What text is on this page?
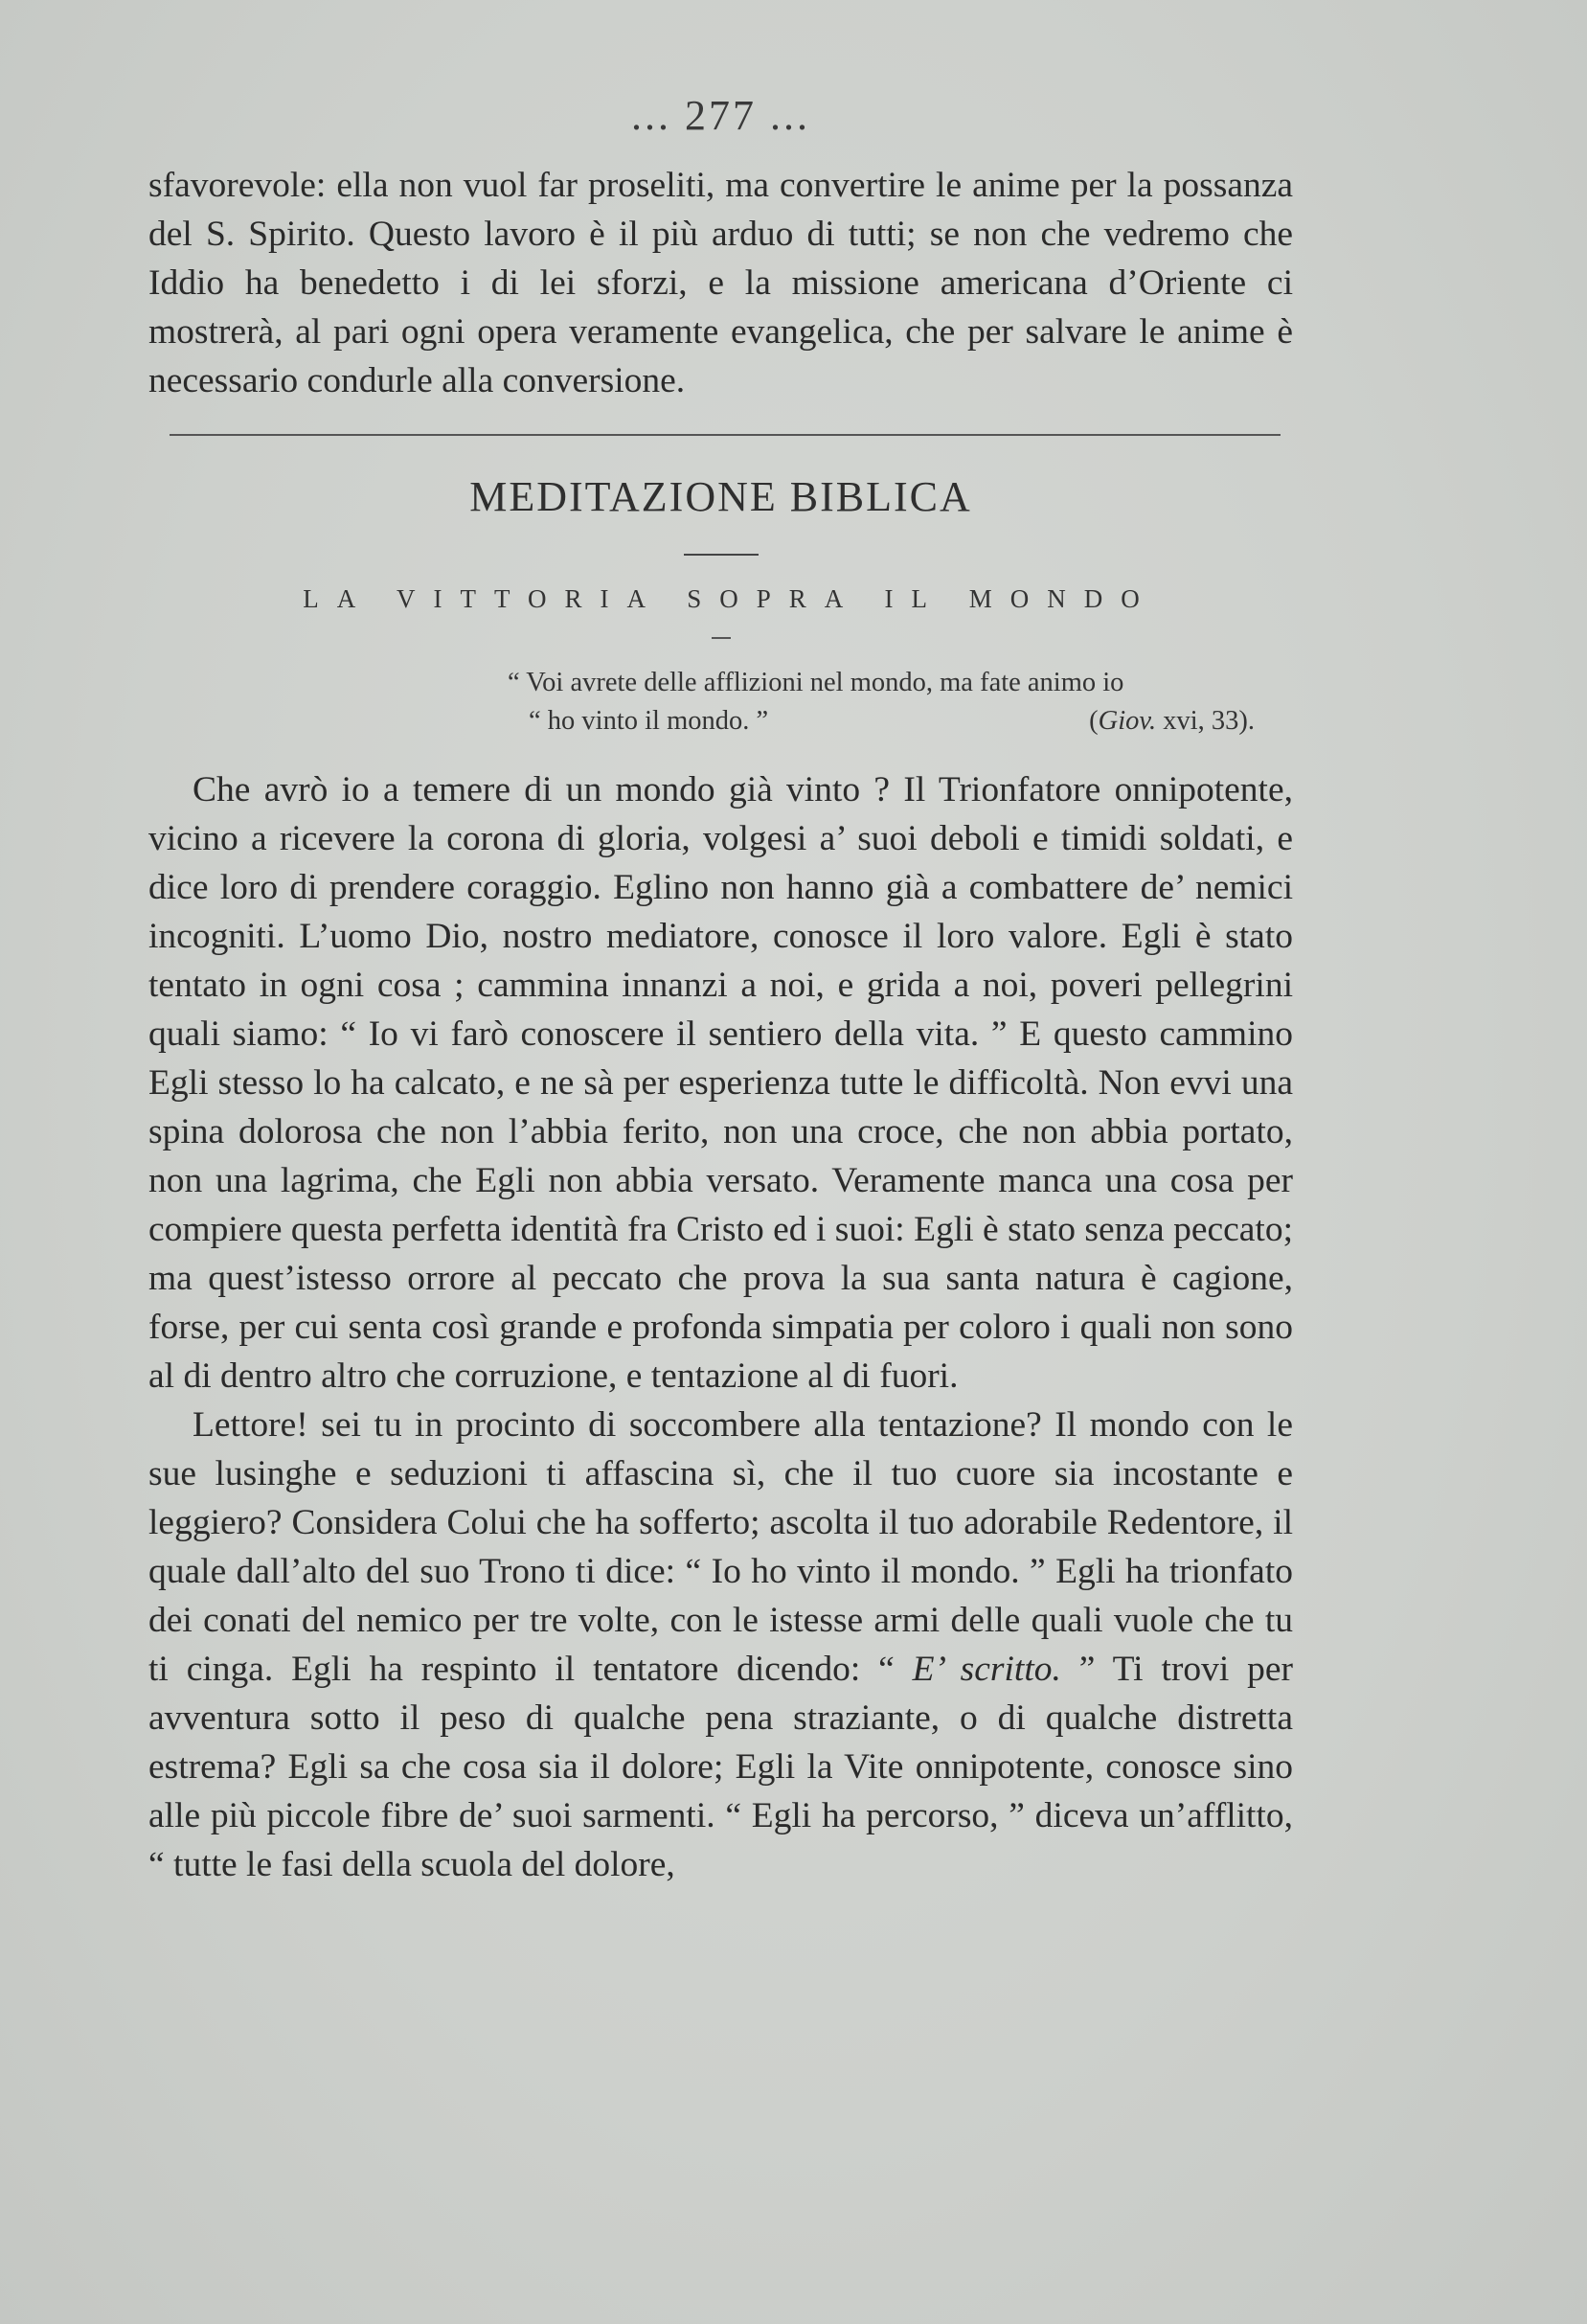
... 277 ...

sfavorevole: ella non vuol far proseliti, ma convertire le anime per la possanza del S. Spirito. Questo lavoro è il più arduo di tutti; se non che vedremo che Iddio ha benedetto i di lei sforzi, e la missione americana d’Oriente ci mostrerà, al pari ogni opera veramente evangelica, che per salvare le anime è necessario condurle alla conversione.

MEDITAZIONE BIBLICA
LA VITTORIA SOPRA IL MONDO
“ Voi avrete delle afflizioni nel mondo, ma fate animo io
“ ho vinto il mondo. ”	(Giov. xvi, 33).

Che avrò io a temere di un mondo già vinto ? Il Trionfatore onnipotente, vicino a ricevere la corona di gloria, volgesi a’ suoi deboli e timidi soldati, e dice loro di prendere coraggio. Eglino non hanno già a combattere de’ nemici incogniti. L’uomo Dio, nostro mediatore, conosce il loro valore. Egli è stato tentato in ogni cosa ; cammina innanzi a noi, e grida a noi, poveri pellegrini quali siamo: “ Io vi farò conoscere il sentiero della vita. ” E questo cammino Egli stesso lo ha calcato, e ne sà per esperienza tutte le difficoltà. Non evvi una spina dolorosa che non l’abbia ferito, non una croce, che non abbia portato, non una lagrima, che Egli non abbia versato. Veramente manca una cosa per compiere questa perfetta identità fra Cristo ed i suoi: Egli è stato senza peccato; ma quest’istesso orrore al peccato che prova la sua santa natura è cagione, forse, per cui senta così grande e profonda simpatia per coloro i quali non sono al di dentro altro che corruzione, e tentazione al di fuori.

Lettore! sei tu in procinto di soccombere alla tentazione? Il mondo con le sue lusinghe e seduzioni ti affascina sì, che il tuo cuore sia incostante e leggiero? Considera Colui che ha sofferto; ascolta il tuo adorabile Redentore, il quale dall’alto del suo Trono ti dice: “ Io ho vinto il mondo. ” Egli ha trionfato dei conati del nemico per tre volte, con le istesse armi delle quali vuole che tu ti cinga. Egli ha respinto il tentatore dicendo: “ E’ scritto. ” Ti trovi per avventura sotto il peso di qualche pena straziante, o di qualche distretta estrema? Egli sa che cosa sia il dolore; Egli la Vite onnipotente, conosce sino alle più piccole fibre de’ suoi sarmenti. “ Egli ha percorso, ” diceva un’afflitto, “ tutte le fasi della scuola del dolore,
